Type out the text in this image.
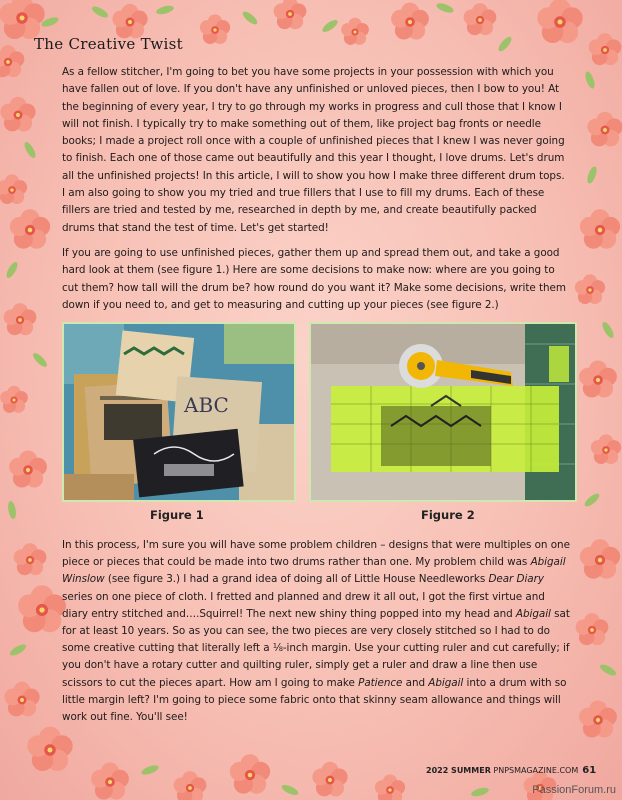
The Creative Twist

As a fellow stitcher, I'm going to bet you have some projects in your possession with which you have fallen out of love. If you don't have any unfinished or unloved pieces, then I bow to you! At the beginning of every year, I try to go through my works in progress and cull those that I know I will not finish. I typically try to make something out of them, like project bag fronts or needle books; I made a project roll once with a couple of unfinished pieces that I knew I was never going to finish. Each one of those came out beautifully and this year I thought, I love drums. Let's drum all the unfinished projects! In this article, I will to show you how I make three different drum tops. I am also going to show you my tried and true fillers that I use to fill my drums. Each of these fillers are tried and tested by me, researched in depth by me, and create beautifully packed drums that stand the test of time. Let's get started!

If you are going to use unfinished pieces, gather them up and spread them out, and take a good hard look at them (see figure 1.) Here are some decisions to make now: where are you going to cut them? how tall will the drum be? how round do you want it? Make some decisions, write them down if you need to, and get to measuring and cutting up your pieces (see figure 2.)

ABC

Figure 1	Figure 2

In this process, I'm sure you will have some problem children – designs that were multiples on one piece or pieces that could be made into two drums rather than one. My problem child was Abigail Winslow (see figure 3.) I had a grand idea of doing all of Little House Needleworks Dear Diary series on one piece of cloth. I fretted and planned and drew it all out, I got the first virtue and diary entry stitched and….Squirrel! The next new shiny thing popped into my head and Abigail sat for at least 10 years. So as you can see, the two pieces are very closely stitched so I had to do some creative cutting that literally left a ⅛-inch margin. Use your cutting ruler and cut carefully; if you don't have a rotary cutter and quilting ruler, simply get a ruler and draw a line then use scissors to cut the pieces apart. How am I going to make Patience and Abigail into a drum with so little margin left? I'm going to piece some fabric onto that skinny seam allowance and things will work out fine. You'll see!

2022 SUMMER PNPSMAGAZINE.COM 61
PassionForum.ru
